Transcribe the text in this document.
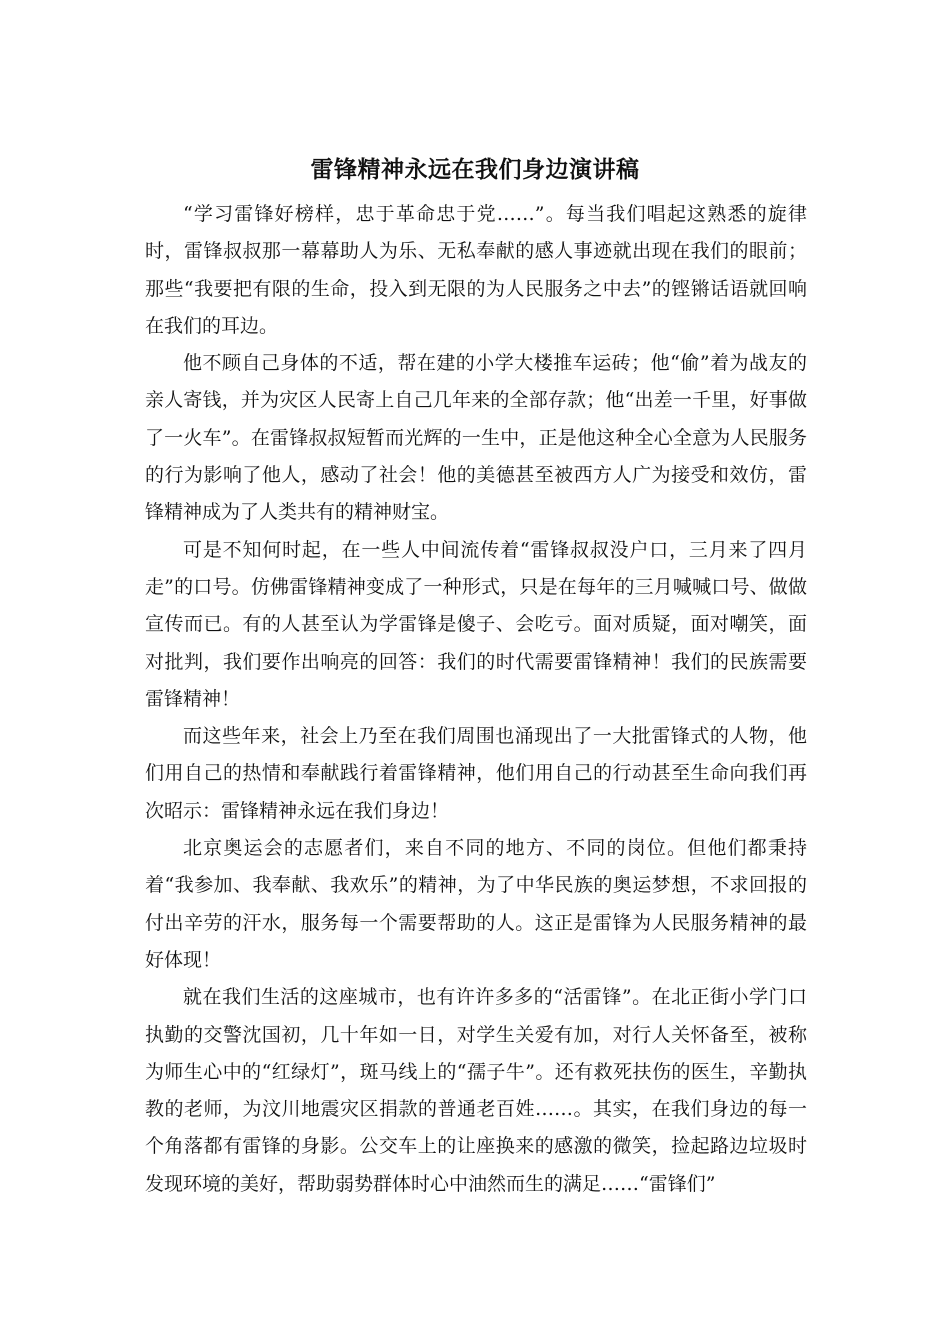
雷锋精神永远在我们身边演讲稿

“学习雷锋好榜样，忠于革命忠于党……”。每当我们唱起这熟悉的旋律时，雷锋叔叔那一幕幕助人为乐、无私奉献的感人事迹就出现在我们的眼前；那些“我要把有限的生命，投入到无限的为人民服务之中去”的铿锵话语就回响在我们的耳边。

他不顾自己身体的不适，帮在建的小学大楼推车运砖；他“偷”着为战友的亲人寄钱，并为灾区人民寄上自己几年来的全部存款；他“出差一千里，好事做了一火车”。在雷锋叔叔短暂而光辉的一生中，正是他这种全心全意为人民服务的行为影响了他人，感动了社会！他的美德甚至被西方人广为接受和效仿，雷锋精神成为了人类共有的精神财宝。

可是不知何时起，在一些人中间流传着“雷锋叔叔没户口，三月来了四月走”的口号。仿佛雷锋精神变成了一种形式，只是在每年的三月喊喊口号、做做宣传而已。有的人甚至认为学雷锋是傻子、会吃亏。面对质疑，面对嘲笑，面对批判，我们要作出响亮的回答：我们的时代需要雷锋精神！我们的民族需要雷锋精神！

而这些年来，社会上乃至在我们周围也涌现出了一大批雷锋式的人物，他们用自己的热情和奉献践行着雷锋精神，他们用自己的行动甚至生命向我们再次昭示：雷锋精神永远在我们身边！

北京奥运会的志愿者们，来自不同的地方、不同的岗位。但他们都秉持着“我参加、我奉献、我欢乐”的精神，为了中华民族的奥运梦想，不求回报的付出辛劳的汗水，服务每一个需要帮助的人。这正是雷锋为人民服务精神的最好体现！

就在我们生活的这座城市，也有许许多多的“活雷锋”。在北正街小学门口执勤的交警沈国初，几十年如一日，对学生关爱有加，对行人关怀备至，被称为师生心中的“红绿灯”，斑马线上的“孺子牛”。还有救死扶伤的医生，辛勤执教的老师，为汶川地震灾区捐款的普通老百姓……。其实，在我们身边的每一个角落都有雷锋的身影。公交车上的让座换来的感激的微笑，捡起路边垃圾时发现环境的美好，帮助弱势群体时心中油然而生的满足……“雷锋们”
